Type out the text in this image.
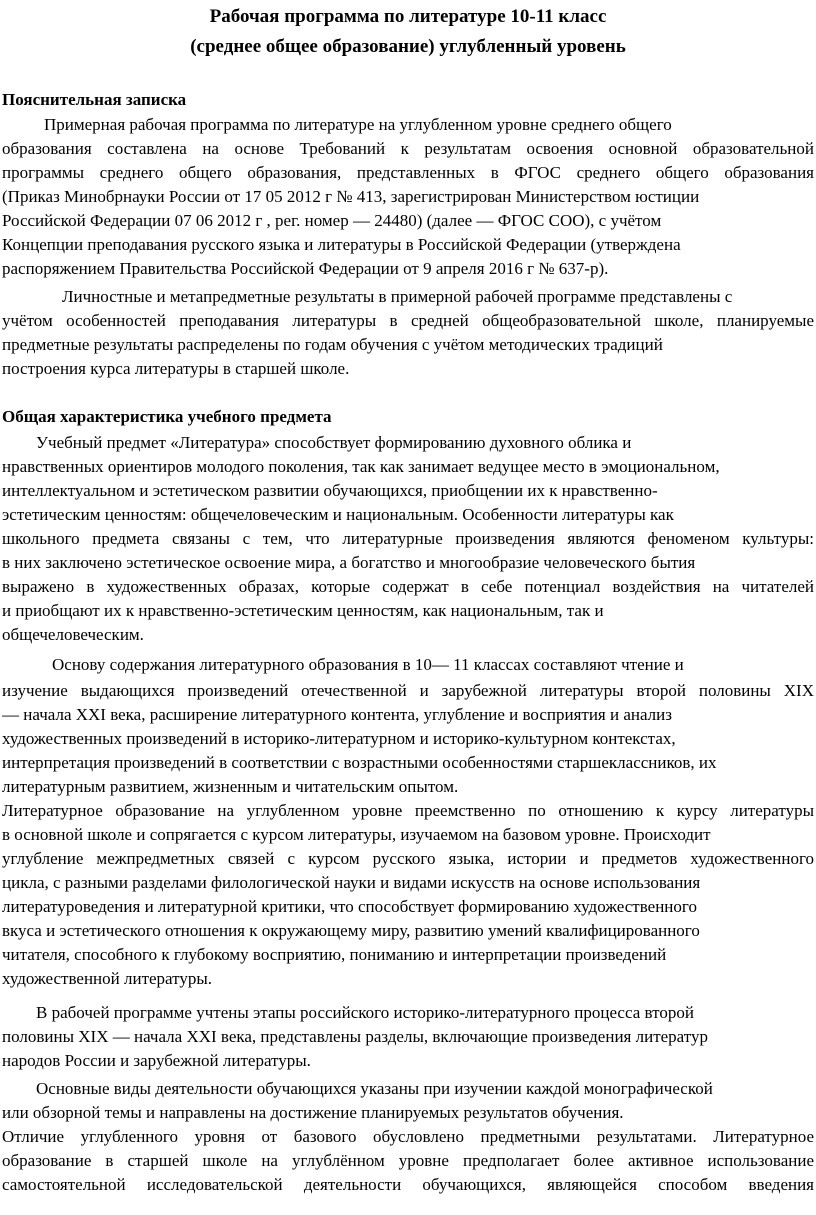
Рабочая программа по литературе 10-11 класс
(среднее общее образование) углубленный уровень
Пояснительная записка
Примерная рабочая программа по литературе на углубленном уровне среднего общего
образования составлена на основе Требований к результатам освоения основной образовательной
программы среднего общего образования, представленных в ФГОС среднего общего образования
(Приказ Минобрнауки России от 17 05 2012 г № 413, зарегистрирован Министерством юстиции
Российской Федерации 07 06 2012 г , рег. номер — 24480) (далее — ФГОС СОО), с учётом
Концепции преподавания русского языка и литературы в Российской Федерации (утверждена
распоряжением Правительства Российской Федерации от 9 апреля 2016 г № 637-р).
Личностные и метапредметные результаты в примерной рабочей программе представлены с
учётом особенностей преподавания литературы в средней общеобразовательной школе, планируемые
предметные результаты распределены по годам обучения с учётом методических традиций
построения курса литературы в старшей школе.
Общая характеристика учебного предмета
Учебный предмет «Литература» способствует формированию духовного облика и
нравственных ориентиров молодого поколения, так как занимает ведущее место в эмоциональном,
интеллектуальном и эстетическом развитии обучающихся, приобщении их к нравственно-
эстетическим ценностям: общечеловеческим и национальным. Особенности литературы как
школьного предмета связаны с тем, что литературные произведения являются феноменом культуры:
в них заключено эстетическое освоение мира, а богатство и многообразие человеческого бытия
выражено в художественных образах, которые содержат в себе потенциал воздействия на читателей
и приобщают их к нравственно-эстетическим ценностям, как национальным, так и
общечеловеческим.
Основу содержания литературного образования в 10— 11 классах составляют чтение и
изучение выдающихся произведений отечественной и зарубежной литературы второй половины XIX
— начала XXI века, расширение литературного контента, углубление и восприятия и анализ
художественных произведений в историко-литературном и историко-культурном контекстах,
интерпретация произведений в соответствии с возрастными особенностями старшеклассников, их
литературным развитием, жизненным и читательским опытом.
Литературное образование на углубленном уровне преемственно по отношению к курсу литературы
в основной школе и сопрягается с курсом литературы, изучаемом на базовом уровне. Происходит
углубление межпредметных связей с курсом русского языка, истории и предметов художественного
цикла, с разными разделами филологической науки и видами искусств на основе использования
литературоведения и литературной критики, что способствует формированию художественного
вкуса и эстетического отношения к окружающему миру, развитию умений квалифицированного
читателя, способного к глубокому восприятию, пониманию и интерпретации произведений
художественной литературы.
В рабочей программе учтены этапы российского историко-литературного процесса второй
половины XIX — начала XXI века, представлены разделы, включающие произведения литератур
народов России и зарубежной литературы.
Основные виды деятельности обучающихся указаны при изучении каждой монографической
или обзорной темы и направлены на достижение планируемых результатов обучения.
Отличие углубленного уровня от базового обусловлено предметными результатами. Литературное
образование в старшей школе на углублённом уровне предполагает более активное использование
самостоятельной исследовательской деятельности обучающихся, являющейся способом введения
